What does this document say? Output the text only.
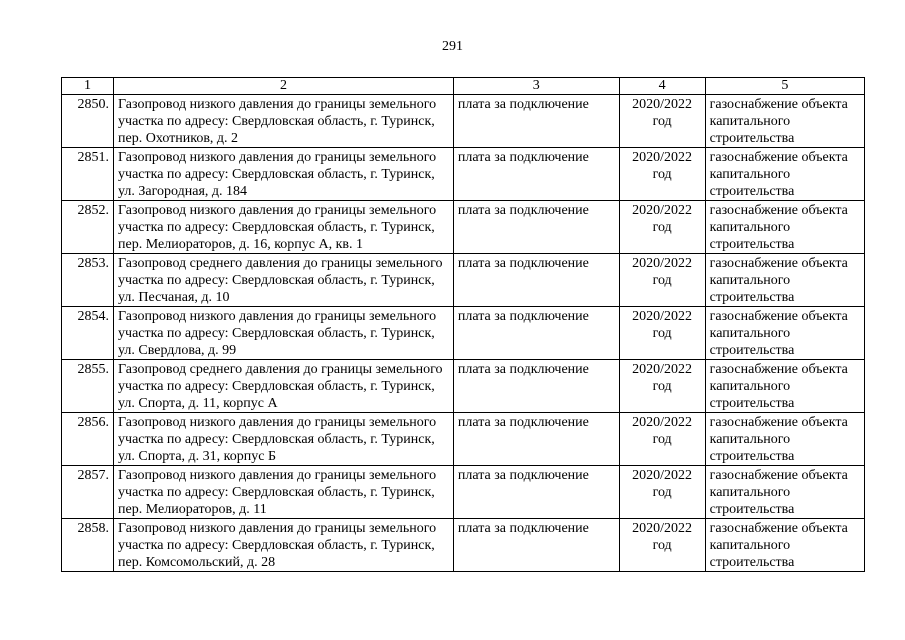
291
1	2	3	4	5
2850.	Газопровод низкого давления до границы земельного участка по адресу: Свердловская область, г. Туринск, пер. Охотников, д. 2	плата за подключение	2020/2022 год	газоснабжение объекта капитального строительства
2851.	Газопровод низкого давления до границы земельного участка по адресу: Свердловская область, г. Туринск, ул. Загородная, д. 184	плата за подключение	2020/2022 год	газоснабжение объекта капитального строительства
2852.	Газопровод низкого давления до границы земельного участка по адресу: Свердловская область, г. Туринск, пер. Мелиораторов, д. 16, корпус А, кв. 1	плата за подключение	2020/2022 год	газоснабжение объекта капитального строительства
2853.	Газопровод среднего давления до границы земельного участка по адресу: Свердловская область, г. Туринск, ул. Песчаная, д. 10	плата за подключение	2020/2022 год	газоснабжение объекта капитального строительства
2854.	Газопровод низкого давления до границы земельного участка по адресу: Свердловская область, г. Туринск, ул. Свердлова, д. 99	плата за подключение	2020/2022 год	газоснабжение объекта капитального строительства
2855.	Газопровод среднего давления до границы земельного участка по адресу: Свердловская область, г. Туринск, ул. Спорта, д. 11, корпус А	плата за подключение	2020/2022 год	газоснабжение объекта капитального строительства
2856.	Газопровод низкого давления до границы земельного участка по адресу: Свердловская область, г. Туринск, ул. Спорта, д. 31, корпус Б	плата за подключение	2020/2022 год	газоснабжение объекта капитального строительства
2857.	Газопровод низкого давления до границы земельного участка по адресу: Свердловская область, г. Туринск, пер. Мелиораторов, д. 11	плата за подключение	2020/2022 год	газоснабжение объекта капитального строительства
2858.	Газопровод низкого давления до границы земельного участка по адресу: Свердловская область, г. Туринск, пер. Комсомольский, д. 28	плата за подключение	2020/2022 год	газоснабжение объекта капитального строительства
